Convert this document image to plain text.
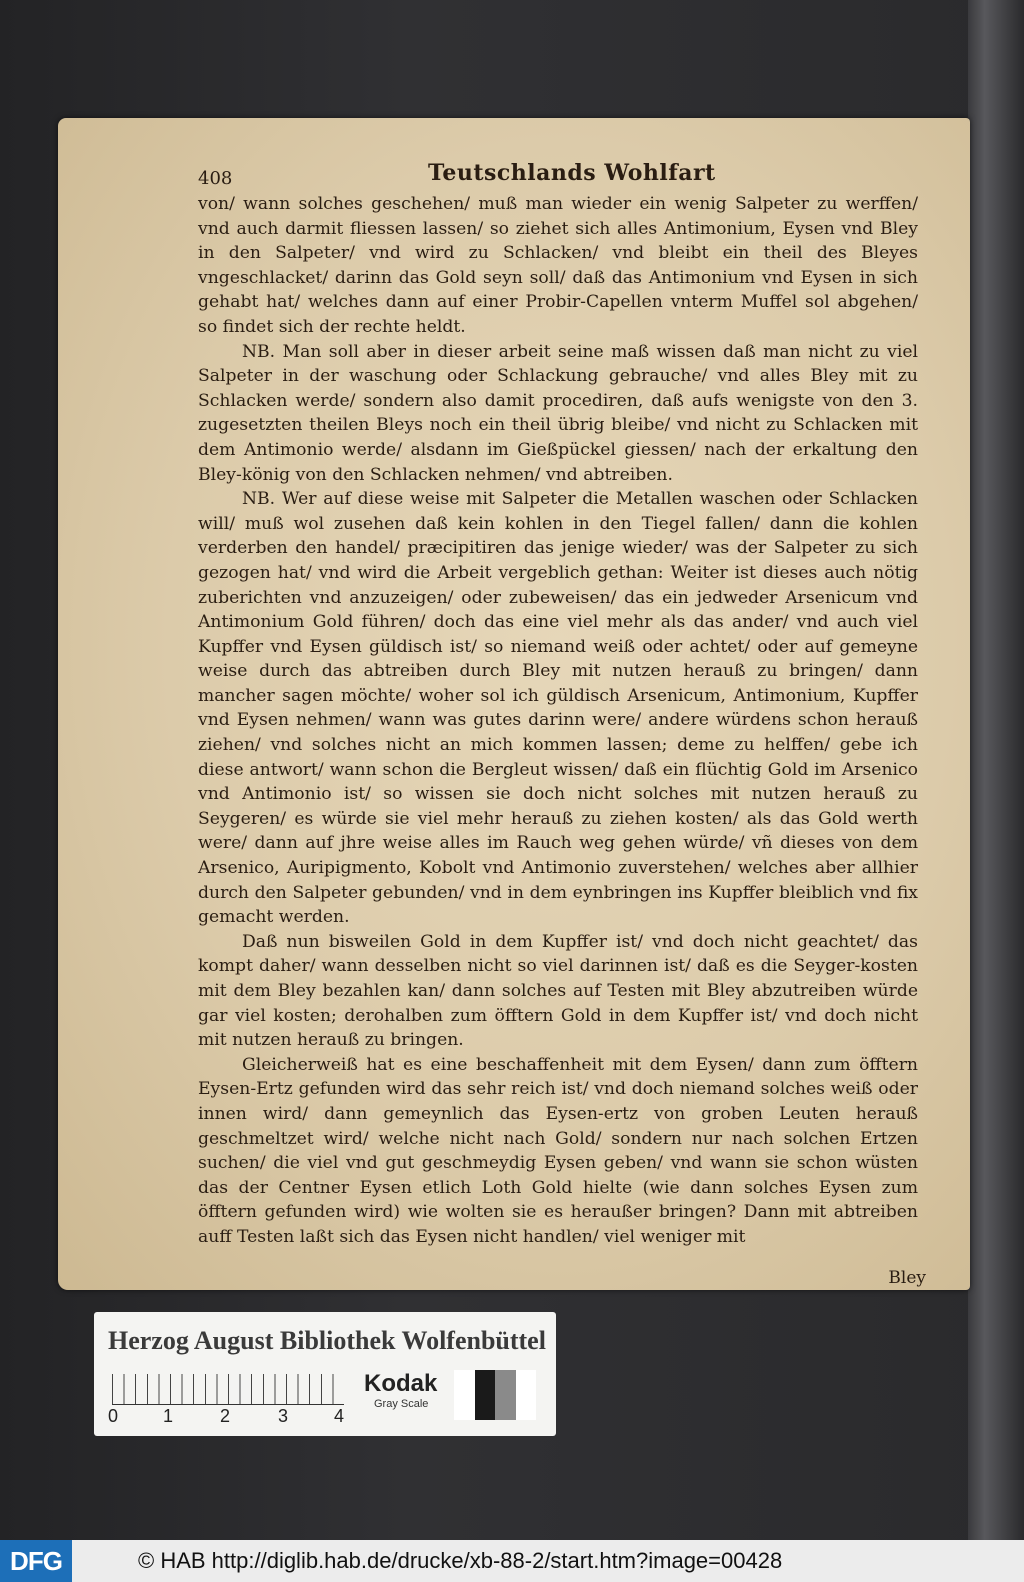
408	Teutschlands Wohlfart

von/ wann solches geschehen/ muß man wieder ein wenig Salpeter zu werffen/ vnd auch darmit fliessen lassen/ so ziehet sich alles Antimonium, Eysen vnd Bley in den Salpeter/ vnd wird zu Schlacken/ vnd bleibt ein theil des Bleyes vngeschlacket/ darinn das Gold seyn soll/ daß das Antimonium vnd Eysen in sich gehabt hat/ welches dann auf einer Probir-Capellen vnterm Muffel sol abgehen/ so findet sich der rechte heldt.

NB. Man soll aber in dieser arbeit seine maß wissen daß man nicht zu viel Salpeter in der waschung oder Schlackung gebrauche/ vnd alles Bley mit zu Schlacken werde/ sondern also damit procediren, daß aufs wenigste von den 3. zugesetzten theilen Bleys noch ein theil übrig bleibe/ vnd nicht zu Schlacken mit dem Antimonio werde/ alsdann im Gießpückel giessen/ nach der erkaltung den Bley-könig von den Schlacken nehmen/ vnd abtreiben.

NB. Wer auf diese weise mit Salpeter die Metallen waschen oder Schlacken will/ muß wol zusehen daß kein kohlen in den Tiegel fallen/ dann die kohlen verderben den handel/ præcipitiren das jenige wieder/ was der Salpeter zu sich gezogen hat/ vnd wird die Arbeit vergeblich gethan: Weiter ist dieses auch nötig zuberichten vnd anzuzeigen/ oder zubeweisen/ das ein jedweder Arsenicum vnd Antimonium Gold führen/ doch das eine viel mehr als das ander/ vnd auch viel Kupffer vnd Eysen güldisch ist/ so niemand weiß oder achtet/ oder auf gemeyne weise durch das abtreiben durch Bley mit nutzen herauß zu bringen/ dann mancher sagen möchte/ woher sol ich güldisch Arsenicum, Antimonium, Kupffer vnd Eysen nehmen/ wann was gutes darinn were/ andere würdens schon herauß ziehen/ vnd solches nicht an mich kommen lassen; deme zu helffen/ gebe ich diese antwort/ wann schon die Bergleut wissen/ daß ein flüchtig Gold im Arsenico vnd Antimonio ist/ so wissen sie doch nicht solches mit nutzen herauß zu Seygeren/ es würde sie viel mehr herauß zu ziehen kosten/ als das Gold werth were/ dann auf jhre weise alles im Rauch weg gehen würde/ vñ dieses von dem Arsenico, Auripigmento, Kobolt vnd Antimonio zuverstehen/ welches aber allhier durch den Salpeter gebunden/ vnd in dem eynbringen ins Kupffer bleiblich vnd fix gemacht werden.

Daß nun bisweilen Gold in dem Kupffer ist/ vnd doch nicht geachtet/ das kompt daher/ wann desselben nicht so viel darinnen ist/ daß es die Seyger-kosten mit dem Bley bezahlen kan/ dann solches auf Testen mit Bley abzutreiben würde gar viel kosten; derohalben zum öfftern Gold in dem Kupffer ist/ vnd doch nicht mit nutzen herauß zu bringen.

Gleicherweiß hat es eine beschaffenheit mit dem Eysen/ dann zum öfftern Eysen-Ertz gefunden wird das sehr reich ist/ vnd doch niemand solches weiß oder innen wird/ dann gemeynlich das Eysen-ertz von groben Leuten herauß geschmeltzet wird/ welche nicht nach Gold/ sondern nur nach solchen Ertzen suchen/ die viel vnd gut geschmeydig Eysen geben/ vnd wann sie schon wüsten das der Centner Eysen etlich Loth Gold hielte (wie dann solches Eysen zum öfftern gefunden wird) wie wolten sie es heraußer bringen? Dann mit abtreiben auff Testen laßt sich das Eysen nicht handlen/ viel weniger mit

Bley
Herzog August Bibliothek Wolfenbüttel
0 1	2	3	4
Kodak
Gray Scale
DFG	© HAB http://diglib.hab.de/drucke/xb-88-2/start.htm?image=00428
